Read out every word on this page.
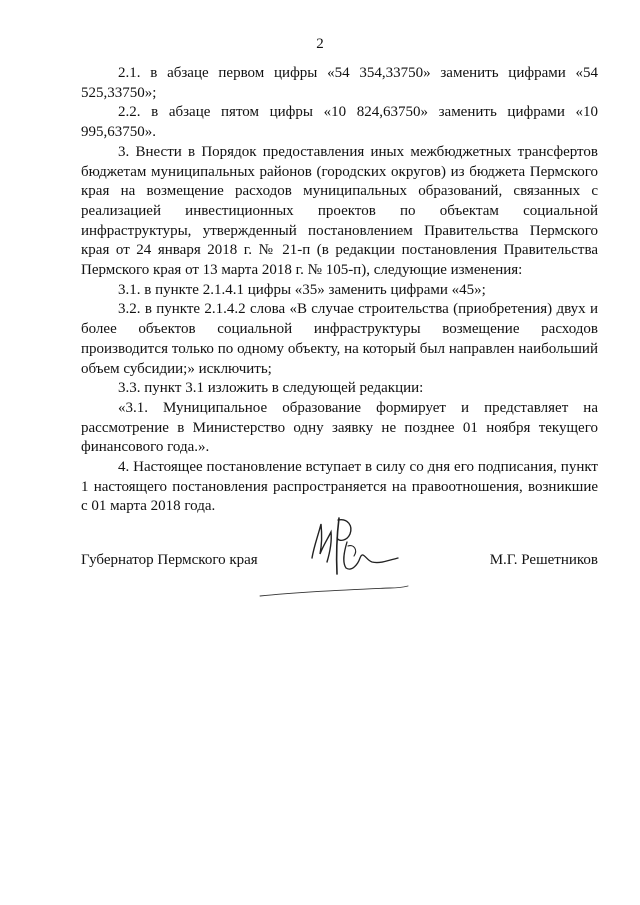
2

2.1. в абзаце первом цифры «54 354,33750» заменить цифрами «54 525,33750»;

2.2. в абзаце пятом цифры «10 824,63750» заменить цифрами «10 995,63750».

3. Внести в Порядок предоставления иных межбюджетных трансфертов бюджетам муниципальных районов (городских округов) из бюджета Пермского края на возмещение расходов муниципальных образований, связанных с реализацией инвестиционных проектов по объектам социальной инфраструктуры, утвержденный постановлением Правительства Пермского края от 24 января 2018 г. № 21-п (в редакции постановления Правительства Пермского края от 13 марта 2018 г. № 105-п), следующие изменения:

3.1. в пункте 2.1.4.1 цифры «35» заменить цифрами «45»;

3.2. в пункте 2.1.4.2 слова «В случае строительства (приобретения) двух и более объектов социальной инфраструктуры возмещение расходов производится только по одному объекту, на который был направлен наибольший объем субсидии;» исключить;

3.3. пункт 3.1 изложить в следующей редакции:

«3.1. Муниципальное образование формирует и представляет на рассмотрение в Министерство одну заявку не позднее 01 ноября текущего финансового года.».

4. Настоящее постановление вступает в силу со дня его подписания, пункт 1 настоящего постановления распространяется на правоотношения, возникшие с 01 марта 2018 года.

Губернатор Пермского края	М.Г. Решетников
